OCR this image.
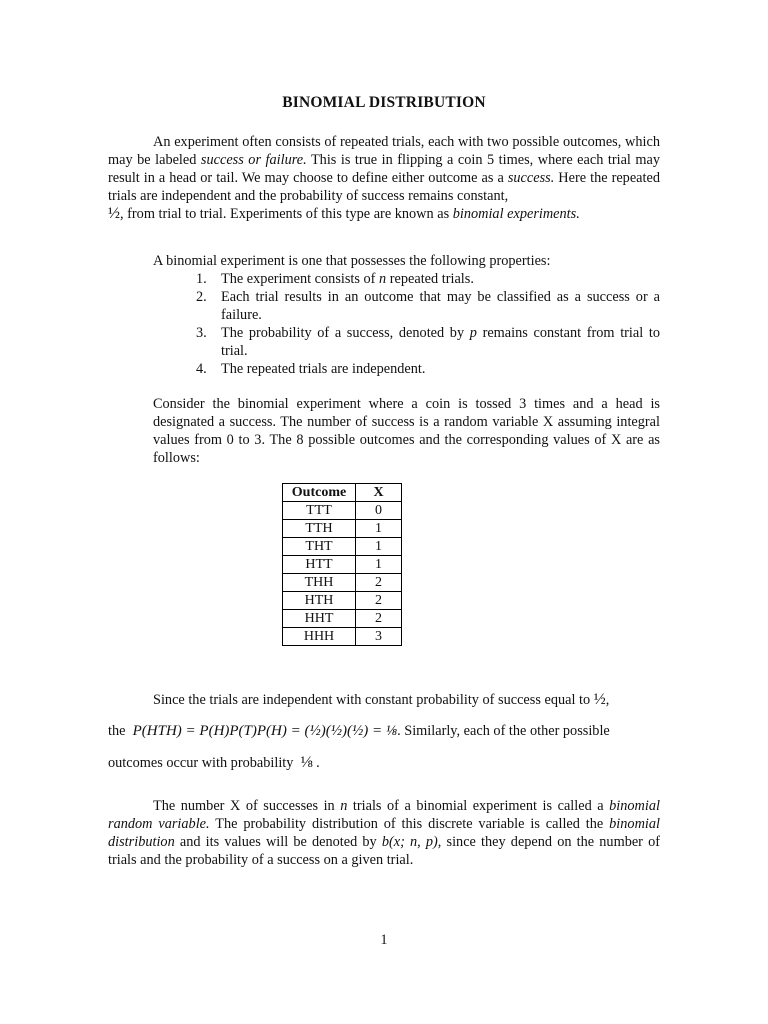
BINOMIAL DISTRIBUTION

An experiment often consists of repeated trials, each with two possible outcomes, which may be labeled success or failure. This is true in flipping a coin 5 times, where each trial may result in a head or tail. We may choose to define either outcome as a success. Here the repeated trials are independent and the probability of success remains constant,
½, from trial to trial. Experiments of this type are known as binomial experiments.

A binomial experiment is one that possesses the following properties:

1. The experiment consists of n repeated trials.
2. Each trial results in an outcome that may be classified as a success or a failure.
3. The probability of a success, denoted by p remains constant from trial to trial.
4. The repeated trials are independent.
Consider the binomial experiment where a coin is tossed 3 times and a head is designated a success. The number of success is a random variable X assuming integral values from 0 to 3. The 8 possible outcomes and the corresponding values of X are as follows:
Outcome	X
TTT	0
TTH	1
THT	1
HTT	1
THH	2
HTH	2
HHT	2
HHH	3
Since the trials are independent with constant probability of success equal to ½,
the P(HTH) = P(H)P(T)P(H) = (½)(½)(½) = ⅛. Similarly, each of the other possible
outcomes occur with probability ⅛ .

The number X of successes in n trials of a binomial experiment is called a binomial random variable. The probability distribution of this discrete variable is called the binomial distribution and its values will be denoted by b(x; n, p), since they depend on the number of trials and the probability of a success on a given trial.

1
